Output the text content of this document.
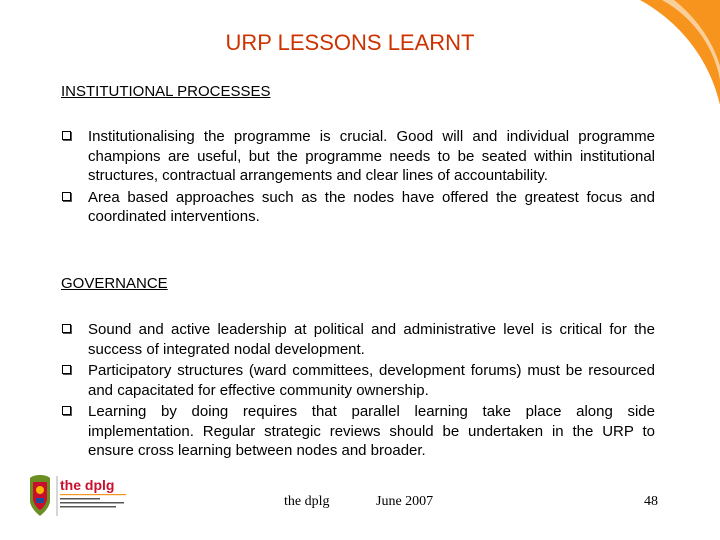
URP LESSONS LEARNT
INSTITUTIONAL PROCESSES
Institutionalising the programme is crucial. Good will and individual programme champions are useful, but the programme needs to be seated within institutional structures, contractual arrangements and clear lines of accountability.
Area based approaches such as the nodes have offered the greatest focus and coordinated interventions.
GOVERNANCE
Sound and active leadership at political and administrative level is critical for the success of integrated nodal development.
Participatory structures (ward committees, development forums) must be resourced and capacitated for effective community ownership.
Learning by doing requires that parallel learning take place along side implementation. Regular strategic reviews should be undertaken in the URP to ensure cross learning between nodes and broader.
the dplg
the dplg	June 2007	48
